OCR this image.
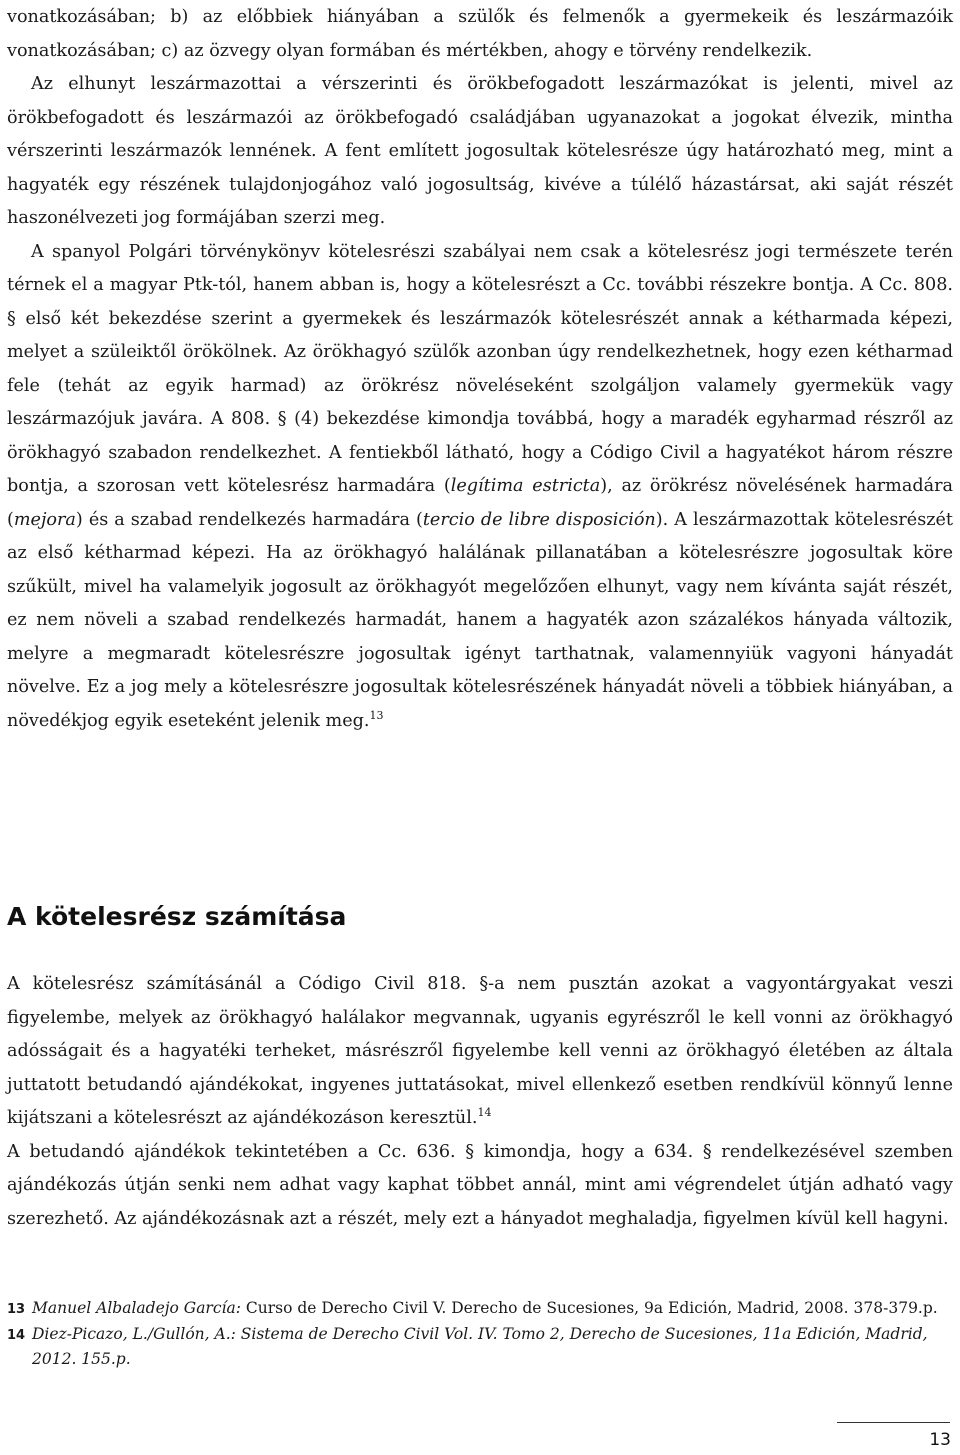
vonatkozásában; b) az előbbiek hiányában a szülők és felmenők a gyermekeik és leszármazóik vonatkozásában; c) az özvegy olyan formában és mértékben, ahogy e törvény rendelkezik.

Az elhunyt leszármazottai a vérszerinti és örökbefogadott leszármazókat is jelenti, mivel az örökbefogadott és leszármazói az örökbefogadó családjában ugyanazokat a jogokat élvezik, mintha vérszerinti leszármazók lennének. A fent említett jogosultak kötelesrésze úgy határozható meg, mint a hagyaték egy részének tulajdonjogához való jogosultság, kivéve a túlélő házastársat, aki saját részét haszonélvezeti jog formájában szerzi meg.

A spanyol Polgári törvénykönyv kötelesrészi szabályai nem csak a kötelesrész jogi természete terén térnek el a magyar Ptk-tól, hanem abban is, hogy a kötelesrészt a Cc. további részekre bontja. A Cc. 808. § első két bekezdése szerint a gyermekek és leszármazók kötelesrészét annak a kétharmada képezi, melyet a szüleiktől örökölnek. Az örökhagyó szülők azonban úgy rendelkezhetnek, hogy ezen kétharmad fele (tehát az egyik harmad) az örökrész növeléseként szolgáljon valamely gyermekük vagy leszármazójuk javára. A 808. § (4) bekezdése kimondja továbbá, hogy a maradék egyharmad részről az örökhagyó szabadon rendelkezhet. A fentiekből látható, hogy a Código Civil a hagyatékot három részre bontja, a szorosan vett kötelesrész harmadára (legítima estricta), az örökrész növelésének harmadára (mejora) és a szabad rendelkezés harmadára (tercio de libre disposición). A leszármazottak kötelesrészét az első kétharmad képezi. Ha az örökhagyó halálának pillanatában a kötelesrészre jogosultak köre szűkült, mivel ha valamelyik jogosult az örökhagyót megelőzően elhunyt, vagy nem kívánta saját részét, ez nem növeli a szabad rendelkezés harmadát, hanem a hagyaték azon százalékos hányada változik, melyre a megmaradt kötelesrészre jogosultak igényt tarthatnak, valamennyiük vagyoni hányadát növelve. Ez a jog mely a kötelesrészre jogosultak kötelesrészének hányadát növeli a többiek hiányában, a növedékjog egyik eseteként jelenik meg.$^{13}$

A kötelesrész számítása

A kötelesrész számításánál a Código Civil 818. §-a nem pusztán azokat a vagyontárgyakat veszi figyelembe, melyek az örökhagyó halálakor megvannak, ugyanis egyrészről le kell vonni az örökhagyó adósságait és a hagyatéki terheket, másrészről figyelembe kell venni az örökhagyó életében az általa juttatott betudandó ajándékokat, ingyenes juttatásokat, mivel ellenkező esetben rendkívül könnyű lenne kijátszani a kötelesrészt az ajándékozáson keresztül.$^{14}$

A betudandó ajándékok tekintetében a Cc. 636. § kimondja, hogy a 634. § rendelkezésével szemben ajándékozás útján senki nem adhat vagy kaphat többet annál, mint ami végrendelet útján adható vagy szerezhető. Az ajándékozásnak azt a részét, mely ezt a hányadot meghaladja, figyelmen kívül kell hagyni.

13 Manuel Albaladejo García: Curso de Derecho Civil V. Derecho de Sucesiones, 9a Edición, Madrid, 2008. 378-379.p.
14 Diez-Picazo, L./Gullón, A.: Sistema de Derecho Civil Vol. IV. Tomo 2, Derecho de Sucesiones, 11a Edición, Madrid, 2012. 155.p.
13
